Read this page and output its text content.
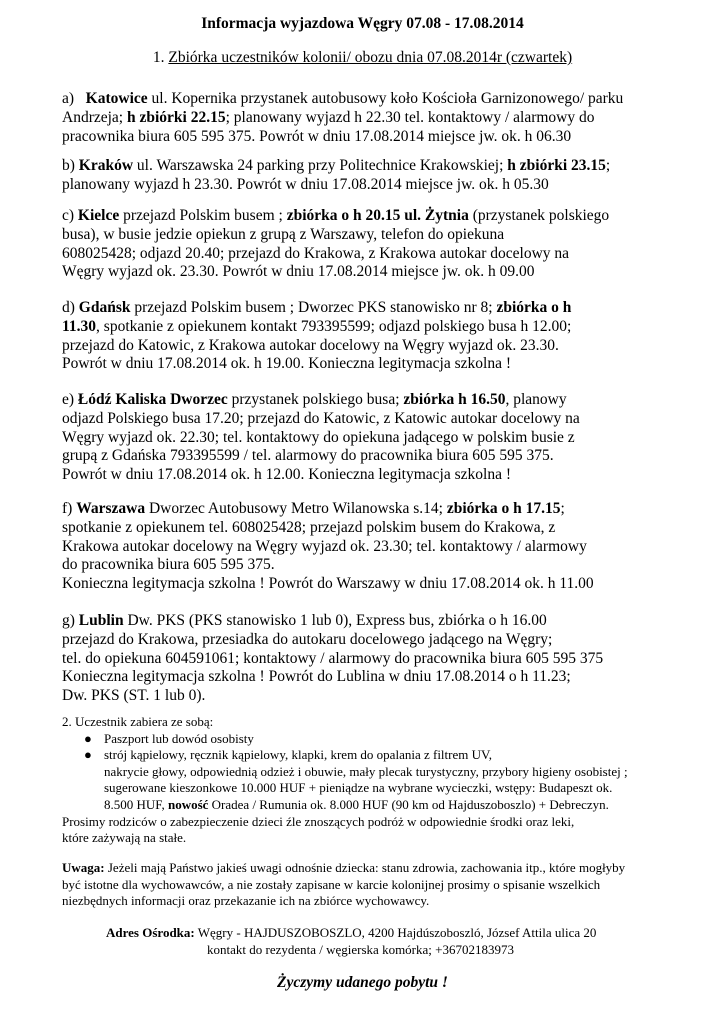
Informacja wyjazdowa Węgry 07.08 - 17.08.2014
1. Zbiórka uczestników kolonii/ obozu dnia 07.08.2014r (czwartek)
a) Katowice ul. Kopernika przystanek autobusowy koło Kościoła Garnizonowego/ parku
Andrzeja; h zbiórki 22.15; planowany wyjazd h 22.30 tel. kontaktowy / alarmowy do
pracownika biura 605 595 375. Powrót w dniu 17.08.2014 miejsce jw. ok. h 06.30
b) Kraków ul. Warszawska 24 parking przy Politechnice Krakowskiej; h zbiórki 23.15;
planowany wyjazd h 23.30. Powrót w dniu 17.08.2014 miejsce jw. ok. h 05.30
c) Kielce przejazd Polskim busem ; zbiórka o h 20.15 ul. Żytnia (przystanek polskiego
busa), w busie jedzie opiekun z grupą z Warszawy, telefon do opiekuna
608025428; odjazd 20.40; przejazd do Krakowa, z Krakowa autokar docelowy na
Węgry wyjazd ok. 23.30. Powrót w dniu 17.08.2014 miejsce jw. ok. h 09.00
d) Gdańsk przejazd Polskim busem ; Dworzec PKS stanowisko nr 8; zbiórka o h
11.30, spotkanie z opiekunem kontakt 793395599; odjazd polskiego busa h 12.00;
przejazd do Katowic, z Krakowa autokar docelowy na Węgry wyjazd ok. 23.30.
Powrót w dniu 17.08.2014 ok. h 19.00. Konieczna legitymacja szkolna !
e) Łódź Kaliska Dworzec przystanek polskiego busa; zbiórka h 16.50, planowy
odjazd Polskiego busa 17.20; przejazd do Katowic, z Katowic autokar docelowy na
Węgry wyjazd ok. 22.30; tel. kontaktowy do opiekuna jadącego w polskim busie z
grupą z Gdańska 793395599 / tel. alarmowy do pracownika biura 605 595 375.
Powrót w dniu 17.08.2014 ok. h 12.00. Konieczna legitymacja szkolna !
f) Warszawa Dworzec Autobusowy Metro Wilanowska s.14; zbiórka o h 17.15;
spotkanie z opiekunem tel. 608025428; przejazd polskim busem do Krakowa, z
Krakowa autokar docelowy na Węgry wyjazd ok. 23.30; tel. kontaktowy / alarmowy
do pracownika biura 605 595 375.
Konieczna legitymacja szkolna ! Powrót do Warszawy w dniu 17.08.2014 ok. h 11.00
g) Lublin Dw. PKS (PKS stanowisko 1 lub 0), Express bus, zbiórka o h 16.00
przejazd do Krakowa, przesiadka do autokaru docelowego jadącego na Węgry;
tel. do opiekuna 604591061; kontaktowy / alarmowy do pracownika biura 605 595 375
Konieczna legitymacja szkolna ! Powrót do Lublina w dniu 17.08.2014 o h 11.23;
Dw. PKS (ST. 1 lub 0).
2. Uczestnik zabiera ze sobą:
● Paszport lub dowód osobisty
● strój kąpielowy, ręcznik kąpielowy, klapki, krem do opalania z filtrem UV,
nakrycie głowy, odpowiednią odzież i obuwie, mały plecak turystyczny, przybory higieny osobistej ;
sugerowane kieszonkowe 10.000 HUF + pieniądze na wybrane wycieczki, wstępy: Budapeszt ok.
8.500 HUF, nowość Oradea / Rumunia ok. 8.000 HUF (90 km od Hajduszoboszlo) + Debreczyn.
Prosimy rodziców o zabezpieczenie dzieci źle znoszących podróż w odpowiednie środki oraz leki,
które zażywają na stałe.
Uwaga: Jeżeli mają Państwo jakieś uwagi odnośnie dziecka: stanu zdrowia, zachowania itp., które mogłyby
być istotne dla wychowawców, a nie zostały zapisane w karcie kolonijnej prosimy o spisanie wszelkich
niezbędnych informacji oraz przekazanie ich na zbiórce wychowawcy.
Adres Ośrodka: Węgry - HAJDUSZOBOSZLO, 4200 Hajdúszoboszló, József Attila ulica 20
kontakt do rezydenta / węgierska komórka; +36702183973
Życzymy udanego pobytu !
